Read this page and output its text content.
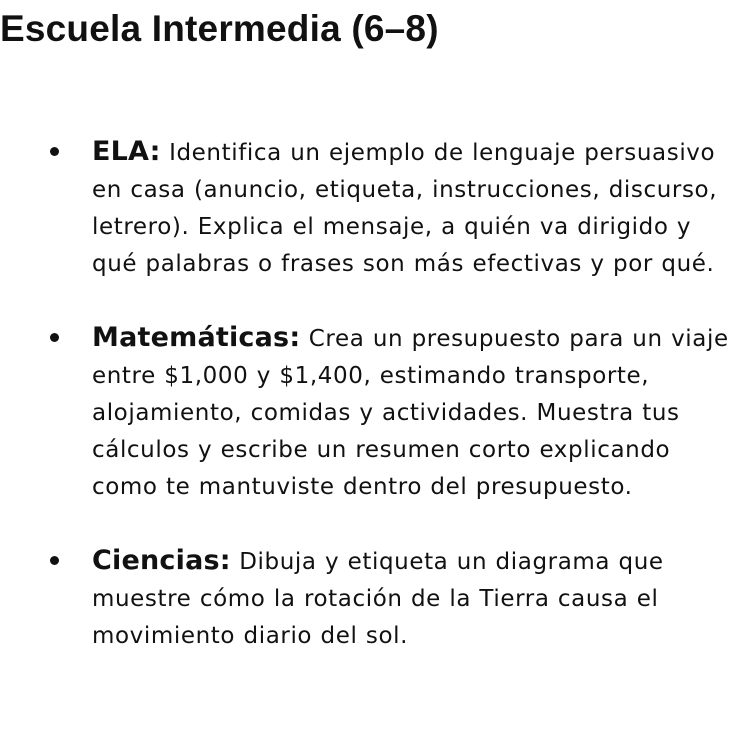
Escuela Intermedia (6–8)
ELA: Identifica un ejemplo de lenguaje persuasivo en casa (anuncio, etiqueta, instrucciones, discurso, letrero). Explica el mensaje, a quién va dirigido y qué palabras o frases son más efectivas y por qué.
Matemáticas: Crea un presupuesto para un viaje entre $1,000 y $1,400, estimando transporte, alojamiento, comidas y actividades. Muestra tus cálculos y escribe un resumen corto explicando como te mantuviste dentro del presupuesto.
Ciencias: Dibuja y etiqueta un diagrama que muestre cómo la rotación de la Tierra causa el movimiento diario del sol.
